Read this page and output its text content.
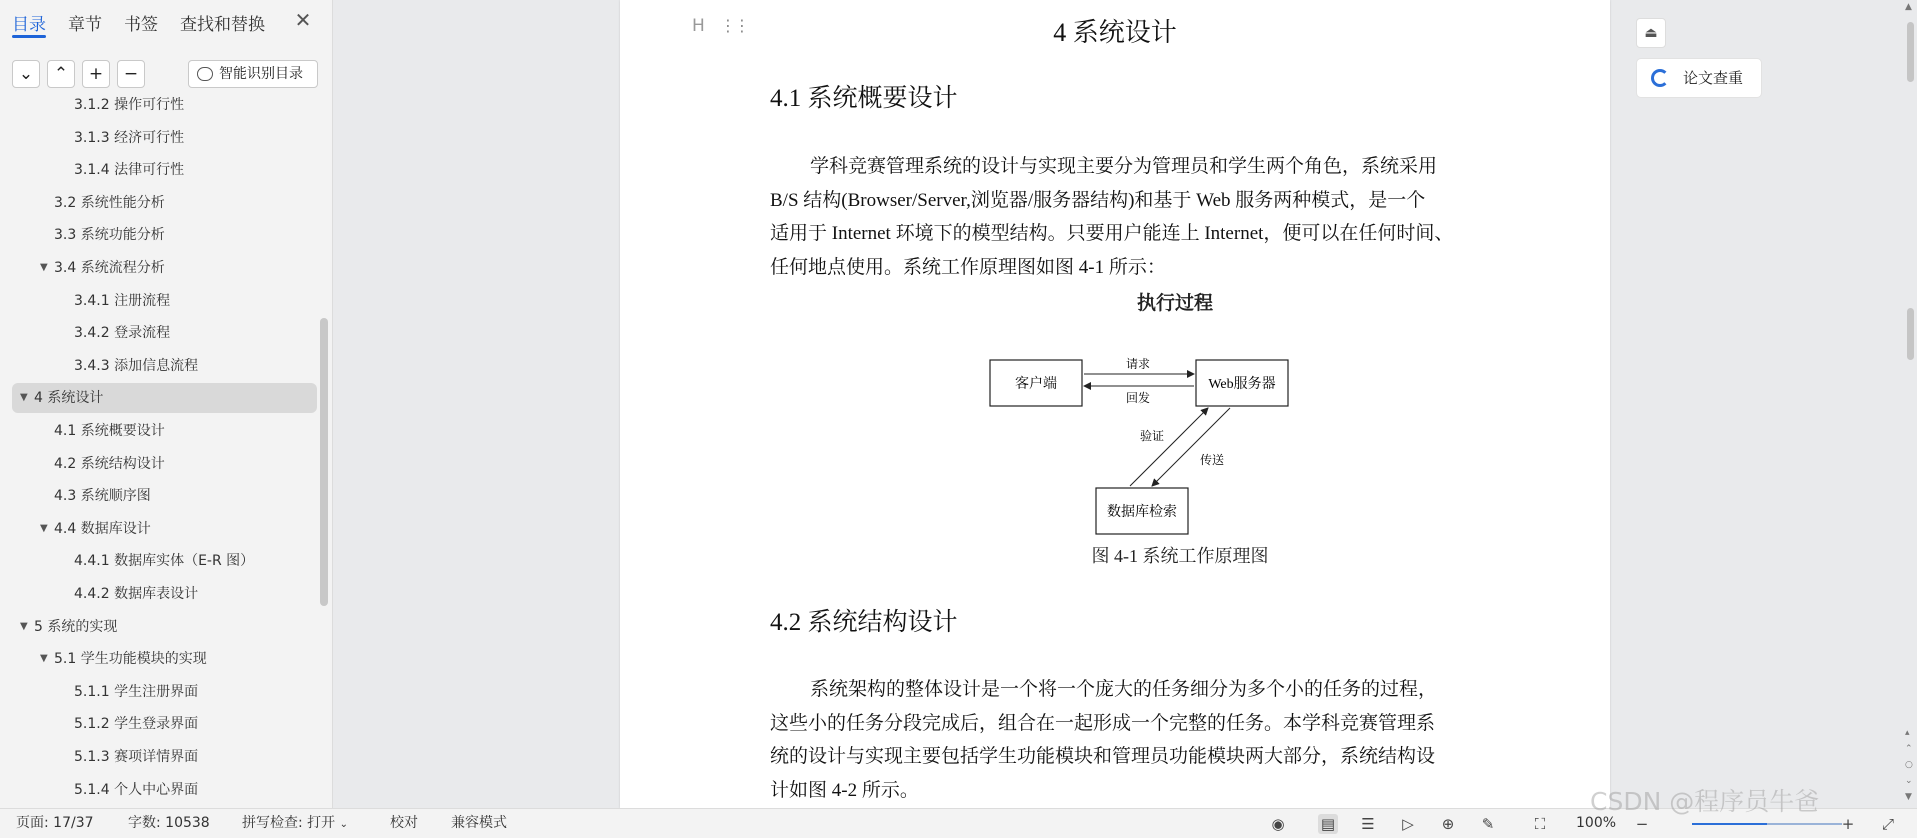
目录 章节 书签 查找和替换 ✕
⌄	⌃	+	−	智能识别目录
3.1.2 操作可行性
3.1.3 经济可行性
3.1.4 法律可行性
3.2 系统性能分析
3.3 系统功能分析
▼ 3.4 系统流程分析
3.4.1 注册流程
3.4.2 登录流程
3.4.3 添加信息流程
▼ 4 系统设计
4.1 系统概要设计
4.2 系统结构设计
4.3 系统顺序图
▼ 4.4 数据库设计
4.4.1 数据库实体（E-R 图）
4.4.2 数据库表设计
▼ 5 系统的实现
▼ 5.1 学生功能模块的实现
5.1.1 学生注册界面
5.1.2 学生登录界面
5.1.3 赛项详情界面
5.1.4 个人中心界面
H ⋮⋮	4 系统设计
4.1 系统概要设计
学科竞赛管理系统的设计与实现主要分为管理员和学生两个角色，系统采用
B/S 结构(Browser/Server,浏览器/服务器结构)和基于 Web 服务两种模式，是一个
适用于 Internet 环境下的模型结构。只要用户能连上 Internet，便可以在任何时间、
任何地点使用。系统工作原理图如图 4-1 所示：
执行过程
客户端	Web服务器
数据库检索
请求
回发
验证
传送
图 4-1 系统工作原理图
4.2 系统结构设计
系统架构的整体设计是一个将一个庞大的任务细分为多个小的任务的过程，
这些小的任务分段完成后，组合在一起形成一个完整的任务。本学科竞赛管理系
统的设计与实现主要包括学生功能模块和管理员功能模块两大部分，系统结构设
计如图 4-2 所示。
⏏
论文查重
▲
▴
⌃
○
⌄
▼
页面: 17/37 字数: 10538 拼写检查: 打开 ⌄	校对 兼容模式	◉ ▤ ☰ ▷ ⊕ ✎	⛶	100% −	+ ⤢
CSDN @程序员牛爸
